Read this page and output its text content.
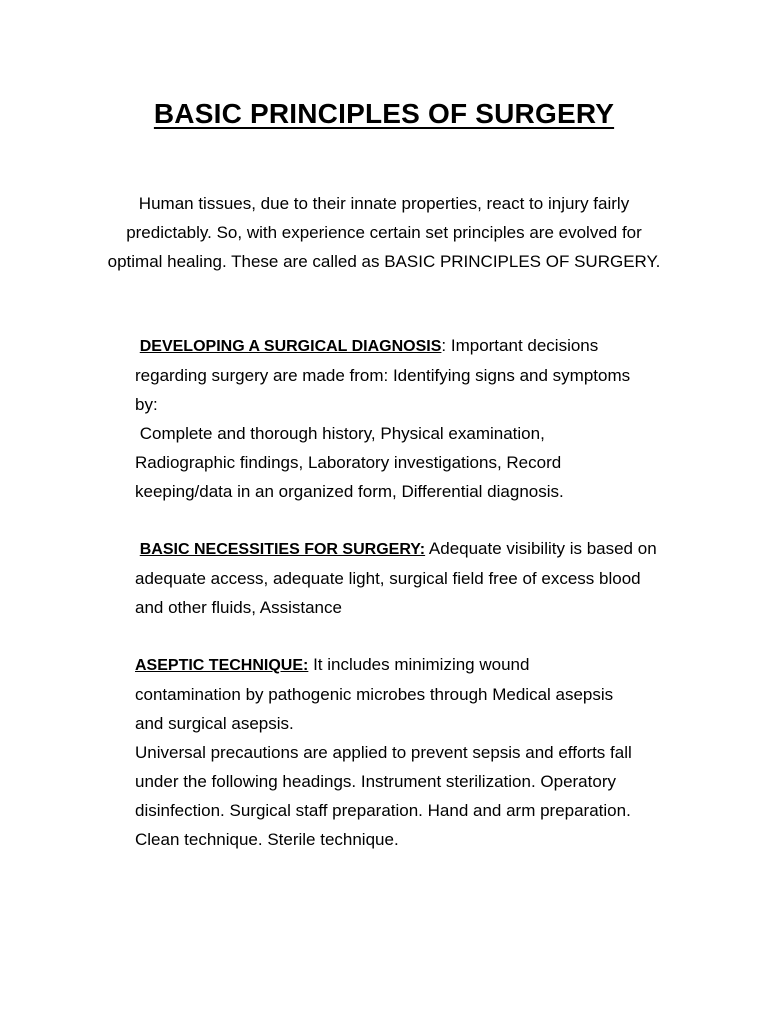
BASIC PRINCIPLES OF SURGERY
Human tissues, due to their innate properties, react to injury fairly
predictably. So, with experience certain set principles are evolved for
optimal healing. These are called as BASIC PRINCIPLES OF SURGERY.
DEVELOPING A SURGICAL DIAGNOSIS: Important decisions
regarding surgery are made from: Identifying signs and symptoms
by:
Complete and thorough history, Physical examination,
Radiographic findings, Laboratory investigations, Record
keeping/data in an organized form, Differential diagnosis.
BASIC NECESSITIES FOR SURGERY: Adequate visibility is based on
adequate access, adequate light, surgical field free of excess blood
and other fluids, Assistance
ASEPTIC TECHNIQUE: It includes minimizing wound
contamination by pathogenic microbes through Medical asepsis
and surgical asepsis.
Universal precautions are applied to prevent sepsis and efforts fall
under the following headings. Instrument sterilization. Operatory
disinfection. Surgical staff preparation. Hand and arm preparation.
Clean technique. Sterile technique.
